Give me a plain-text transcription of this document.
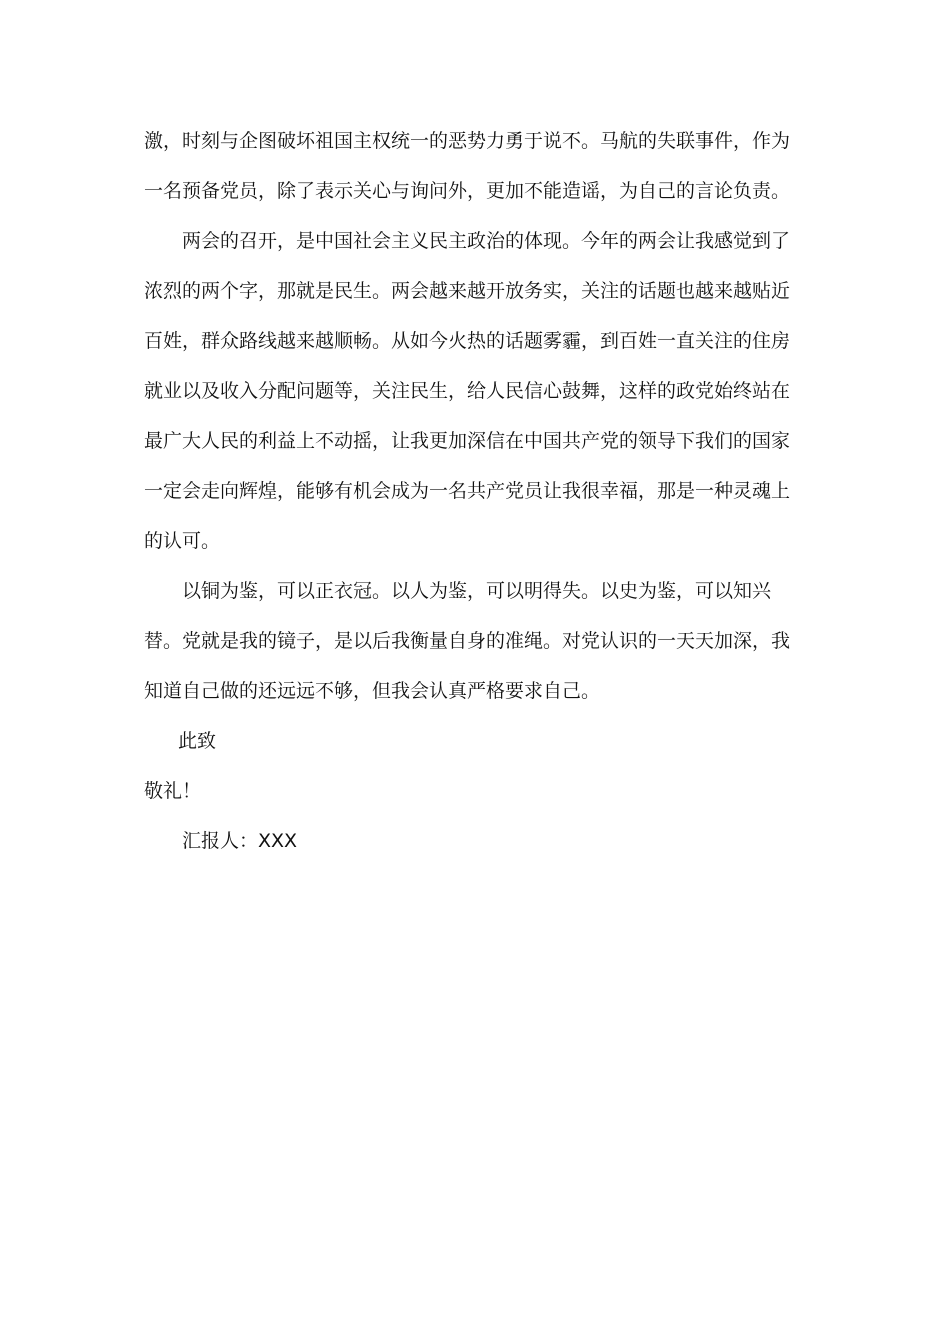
激，时刻与企图破坏祖国主权统一的恶势力勇于说不。马航的失联事件，作为一名预备党员，除了表示关心与询问外，更加不能造谣，为自己的言论负责。

两会的召开，是中国社会主义民主政治的体现。今年的两会让我感觉到了浓烈的两个字，那就是民生。两会越来越开放务实，关注的话题也越来越贴近百姓，群众路线越来越顺畅。从如今火热的话题雾霾，到百姓一直关注的住房就业以及收入分配问题等，关注民生，给人民信心鼓舞，这样的政党始终站在最广大人民的利益上不动摇，让我更加深信在中国共产党的领导下我们的国家一定会走向辉煌，能够有机会成为一名共产党员让我很幸福，那是一种灵魂上的认可。

以铜为鉴，可以正衣冠。以人为鉴，可以明得失。以史为鉴，可以知兴替。党就是我的镜子，是以后我衡量自身的准绳。对党认识的一天天加深，我知道自己做的还远远不够，但我会认真严格要求自己。

此致

敬礼！

汇报人：XXX
